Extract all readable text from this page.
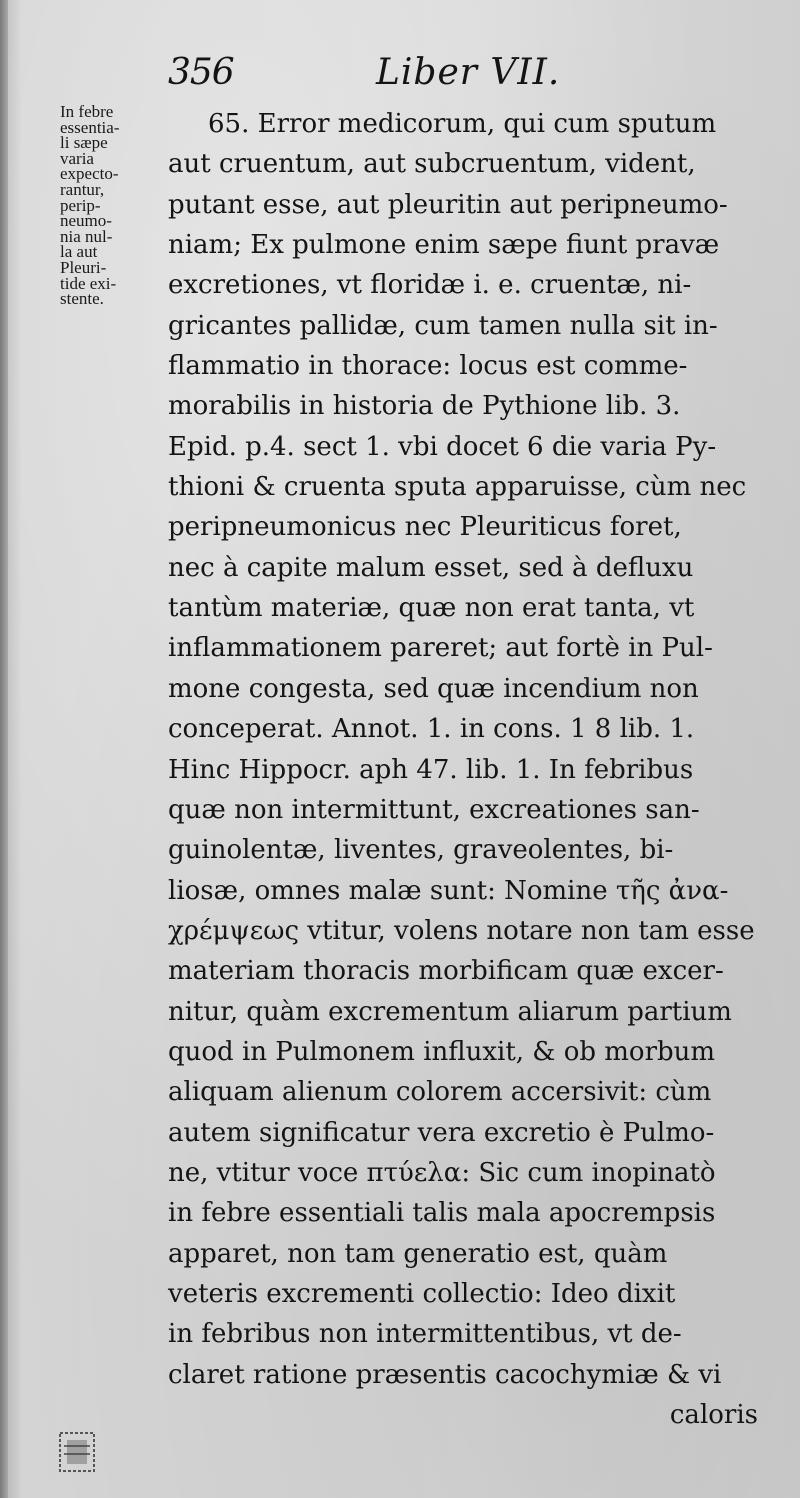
356	Liber VII.
In febre
essentia-
li sæpe
varia
expecto-
rantur,
perip-
neumo-
nia nul-
la aut
Pleuri-
tide exi-
stente.
65. Error medicorum, qui cum sputum
aut cruentum, aut subcruentum, vident,
putant esse, aut pleuritin aut peripneumo-
niam; Ex pulmone enim sæpe fiunt pravæ
excretiones, vt floridæ i. e. cruentæ, ni-
gricantes pallidæ, cum tamen nulla sit in-
flammatio in thorace: locus est comme-
morabilis in historia de Pythione lib. 3.
Epid. p.4. sect 1. vbi docet 6 die varia Py-
thioni & cruenta sputa apparuisse, cùm nec
peripneumonicus nec Pleuriticus foret,
nec à capite malum esset, sed à defluxu
tantùm materiæ, quæ non erat tanta, vt
inflammationem pareret; aut fortè in Pul-
mone congesta, sed quæ incendium non
conceperat. Annot. 1. in cons. 1 8 lib. 1.
Hinc Hippocr. aph 47. lib. 1. In febribus
quæ non intermittunt, excreationes san-
guinolentæ, liventes, graveolentes, bi-
liosæ, omnes malæ sunt: Nomine τῆς ἀνα-
χρέμψεως vtitur, volens notare non tam esse
materiam thoracis morbificam quæ excer-
nitur, quàm excrementum aliarum partium
quod in Pulmonem influxit, & ob morbum
aliquam alienum colorem accersivit: cùm
autem significatur vera excretio è Pulmo-
ne, vtitur voce πτύελα: Sic cum inopinatò
in febre essentiali talis mala apocrempsis
apparet, non tam generatio est, quàm
veteris excrementi collectio: Ideo dixit
in febribus non intermittentibus, vt de-
claret ratione præsentis cacochymiæ & vi
caloris
